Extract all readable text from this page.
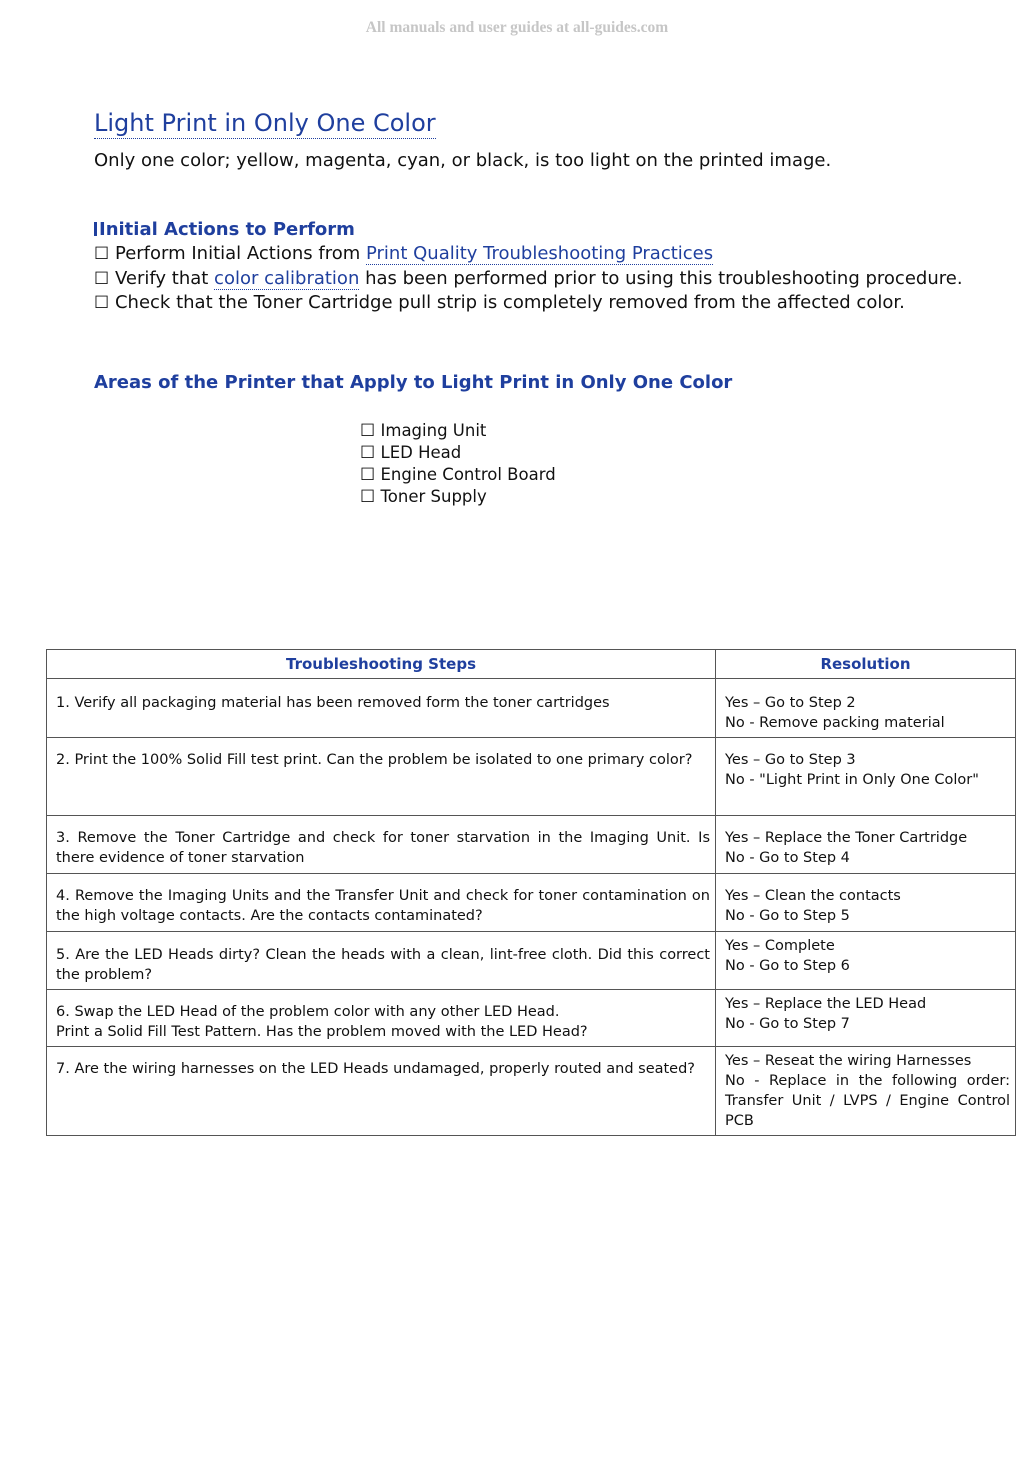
All manuals and user guides at all-guides.com
Light Print in Only One Color
Only one color; yellow, magenta, cyan, or black, is too light on the printed image.
Initial Actions to Perform
☐ Perform Initial Actions from Print Quality Troubleshooting Practices
☐ Verify that color calibration has been performed prior to using this troubleshooting procedure.
☐ Check that the Toner Cartridge pull strip is completely removed from the affected color.
Areas of the Printer that Apply to Light Print in Only One Color
☐ Imaging Unit
☐ LED Head
☐ Engine Control Board
☐ Toner Supply
Troubleshooting Steps	Resolution

1. Verify all packaging material has been removed form the toner cartridges	Yes – Go to Step 2
No - Remove packing material

2. Print the 100% Solid Fill test print. Can the problem be isolated to one primary color?	Yes – Go to Step 3
No - "Light Print in Only One Color"

3. Remove the Toner Cartridge and check for toner starvation in the Imaging Unit. Is there evidence of toner starvation	Yes – Replace the Toner Cartridge
No - Go to Step 4

4. Remove the Imaging Units and the Transfer Unit and check for toner contamination on the high voltage contacts. Are the contacts contaminated?	Yes – Clean the contacts
No - Go to Step 5

5. Are the LED Heads dirty? Clean the heads with a clean, lint-free cloth. Did this correct the problem?	Yes – Complete
No - Go to Step 6

6. Swap the LED Head of the problem color with any other LED Head.
Print a Solid Fill Test Pattern. Has the problem moved with the LED Head?	Yes – Replace the LED Head
No - Go to Step 7

7. Are the wiring harnesses on the LED Heads undamaged, properly routed and seated?	Yes – Reseat the wiring Harnesses
No - Replace in the following order: Transfer Unit / LVPS / Engine Control PCB
